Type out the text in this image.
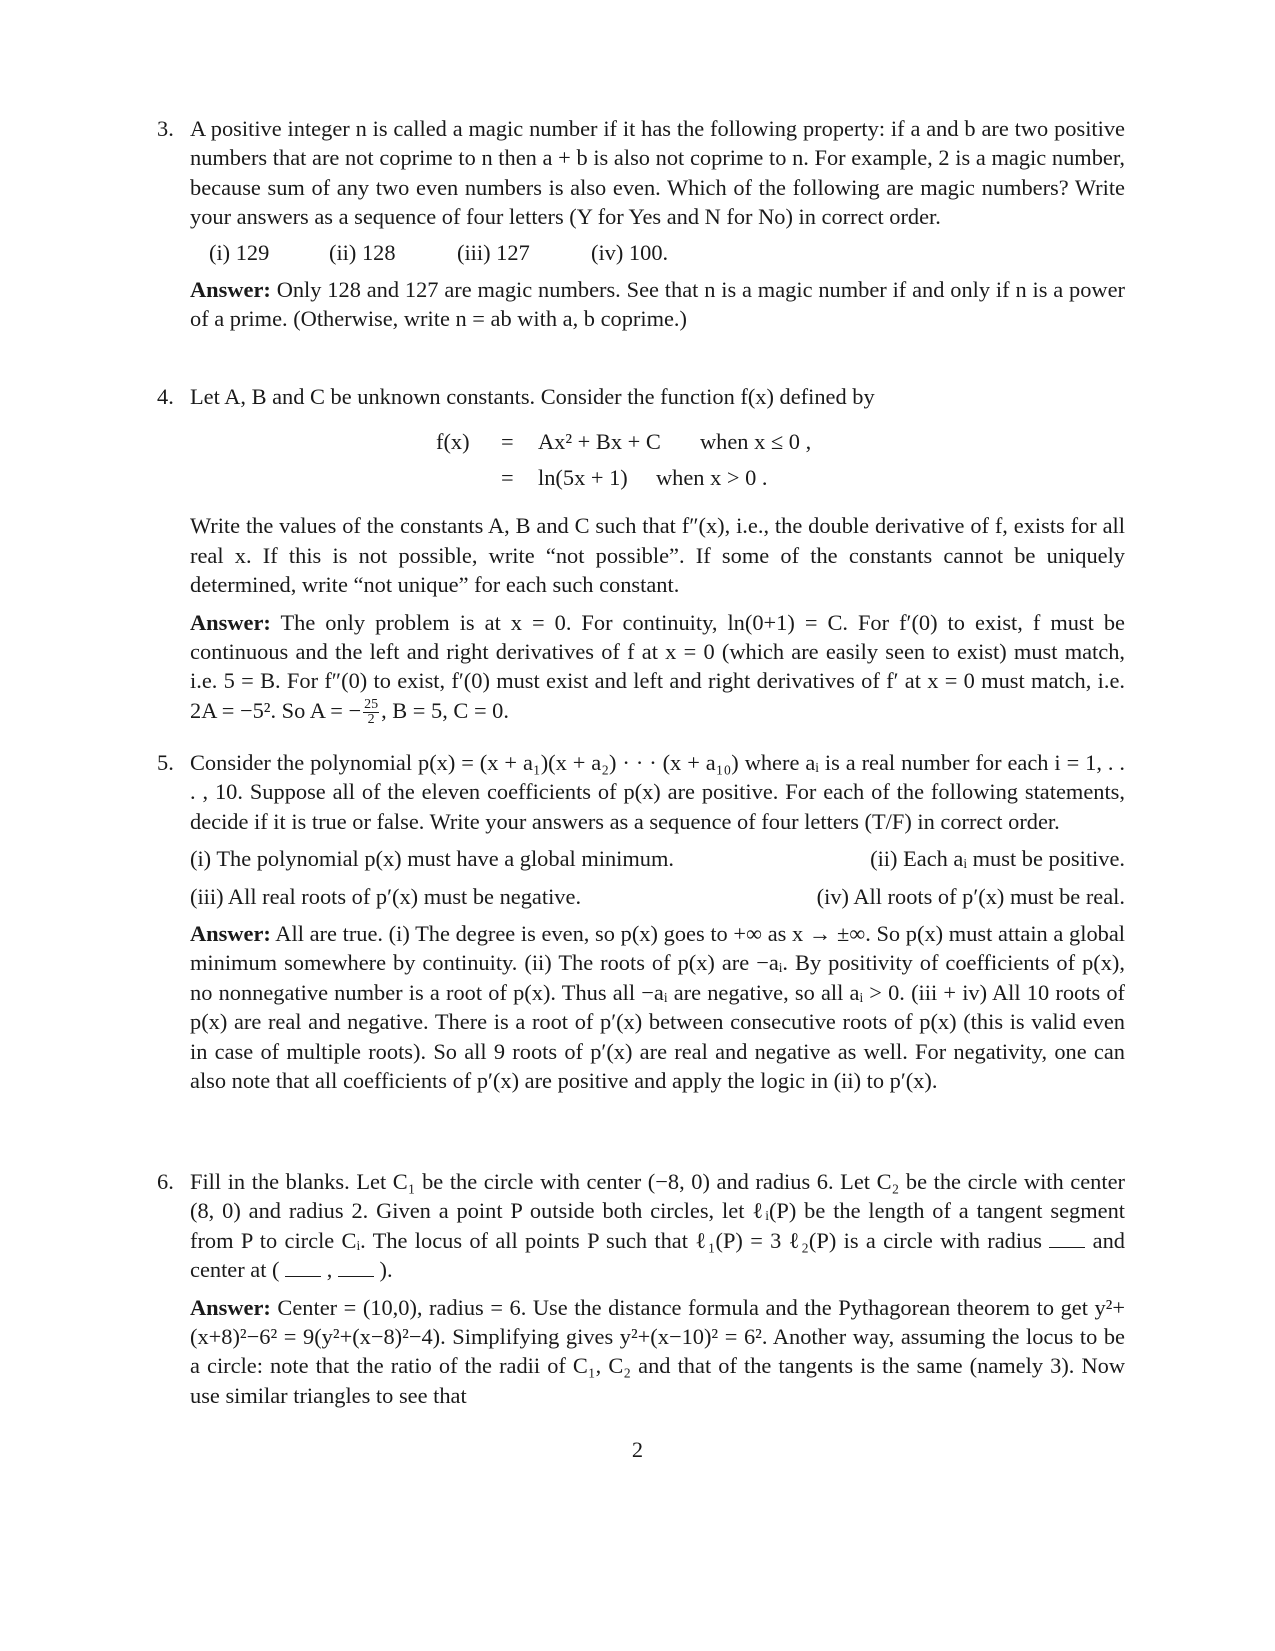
3. A positive integer n is called a magic number if it has the following property: if a and b are two positive numbers that are not coprime to n then a + b is also not coprime to n. For example, 2 is a magic number, because sum of any two even numbers is also even. Which of the following are magic numbers? Write your answers as a sequence of four letters (Y for Yes and N for No) in correct order.

(i) 129	(ii) 128	(iii) 127	(iv) 100.

Answer: Only 128 and 127 are magic numbers. See that n is a magic number if and only if n is a power of a prime. (Otherwise, write n = ab with a, b coprime.)

4. Let A, B and C be unknown constants. Consider the function f(x) defined by

f(x) = Ax² + Bx + C when x ≤ 0 ,
= ln(5x + 1) when x > 0 .

Write the values of the constants A, B and C such that f″(x), i.e., the double derivative of f, exists for all real x. If this is not possible, write “not possible”. If some of the constants cannot be uniquely determined, write “not unique” for each such constant.

Answer: The only problem is at x = 0. For continuity, ln(0+1) = C. For f′(0) to exist, f must be continuous and the left and right derivatives of f at x = 0 (which are easily seen to exist) must match, i.e. 5 = B. For f″(0) to exist, f′(0) must exist and left and right derivatives of f′ at x = 0 must match, i.e. 2A = −5². So A = − $\frac{25}{2}$ , B = 5, C = 0.

5. Consider the polynomial p(x) = (x + a₁)(x + a₂) · · · (x + a₁₀) where aᵢ is a real number for each i = 1, . . . , 10. Suppose all of the eleven coefficients of p(x) are positive. For each of the following statements, decide if it is true or false. Write your answers as a sequence of four letters (T/F) in correct order.

(i) The polynomial p(x) must have a global minimum.	(ii) Each aᵢ must be positive.
(iii) All real roots of p′(x) must be negative.	(iv) All roots of p′(x) must be real.

Answer: All are true. (i) The degree is even, so p(x) goes to +∞ as x → ±∞. So p(x) must attain a global minimum somewhere by continuity. (ii) The roots of p(x) are −aᵢ. By positivity of coefficients of p(x), no nonnegative number is a root of p(x). Thus all −aᵢ are negative, so all aᵢ > 0. (iii + iv) All 10 roots of p(x) are real and negative. There is a root of p′(x) between consecutive roots of p(x) (this is valid even in case of multiple roots). So all 9 roots of p′(x) are real and negative as well. For negativity, one can also note that all coefficients of p′(x) are positive and apply the logic in (ii) to p′(x).

6. Fill in the blanks. Let C₁ be the circle with center (−8, 0) and radius 6. Let C₂ be the circle with center (8, 0) and radius 2. Given a point P outside both circles, let ℓᵢ(P) be the length of a tangent segment from P to circle Cᵢ. The locus of all points P such that ℓ₁(P) = 3 ℓ₂(P) is a circle with radius and center at ( , ).

Answer: Center = (10,0), radius = 6. Use the distance formula and the Pythagorean theorem to get y²+(x+8)²−6² = 9(y²+(x−8)²−4). Simplifying gives y²+(x−10)² = 6². Another way, assuming the locus to be a circle: note that the ratio of the radii of C₁, C₂ and that of the tangents is the same (namely 3). Now use similar triangles to see that

2
